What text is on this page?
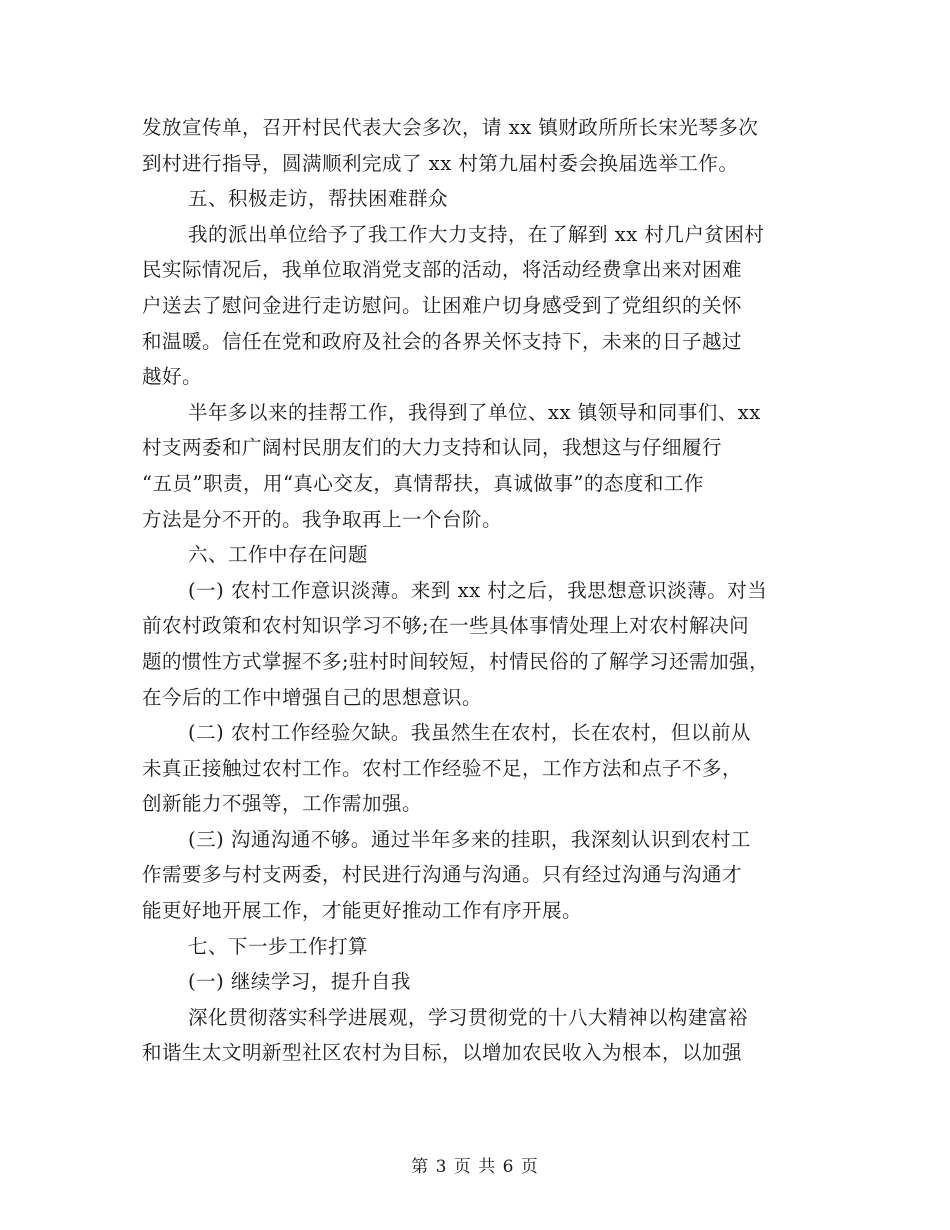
发放宣传单，召开村民代表大会多次，请 xx 镇财政所所长宋光琴多次
到村进行指导，圆满顺利完成了 xx 村第九届村委会换届选举工作。
五、积极走访，帮扶困难群众
我的派出单位给予了我工作大力支持，在了解到 xx 村几户贫困村
民实际情况后，我单位取消党支部的活动，将活动经费拿出来对困难
户送去了慰问金进行走访慰问。让困难户切身感受到了党组织的关怀
和温暖。信任在党和政府及社会的各界关怀支持下，未来的日子越过
越好。
半年多以来的挂帮工作，我得到了单位、xx 镇领导和同事们、xx
村支两委和广阔村民朋友们的大力支持和认同，我想这与仔细履行
“五员”职责，用“真心交友，真情帮扶，真诚做事”的态度和工作
方法是分不开的。我争取再上一个台阶。
六、工作中存在问题
(一) 农村工作意识淡薄。来到 xx 村之后，我思想意识淡薄。对当
前农村政策和农村知识学习不够;在一些具体事情处理上对农村解决问
题的惯性方式掌握不多;驻村时间较短，村情民俗的了解学习还需加强，
在今后的工作中增强自己的思想意识。
(二) 农村工作经验欠缺。我虽然生在农村，长在农村，但以前从
未真正接触过农村工作。农村工作经验不足，工作方法和点子不多，
创新能力不强等，工作需加强。
(三) 沟通沟通不够。通过半年多来的挂职，我深刻认识到农村工
作需要多与村支两委，村民进行沟通与沟通。只有经过沟通与沟通才
能更好地开展工作，才能更好推动工作有序开展。
七、下一步工作打算
(一) 继续学习，提升自我
深化贯彻落实科学进展观，学习贯彻党的十八大精神以构建富裕
和谐生太文明新型社区农村为目标，以增加农民收入为根本，以加强
第 3 页 共 6 页
